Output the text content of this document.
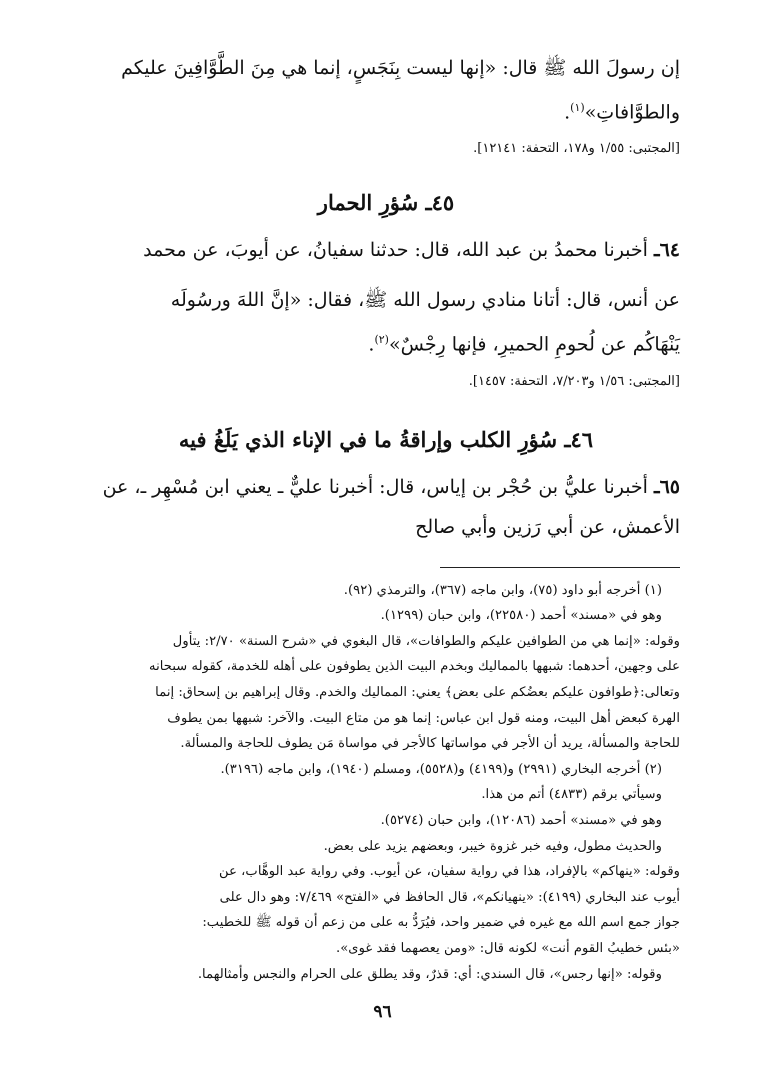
إن رسولَ الله ﷺ قال: «إنها ليست بِنَجَسٍ، إنما هي مِنَ الطَّوَّافِينَ عليكم

والطوَّافاتِ»$^{(١)}$.

[المجتبى: ١/٥٥ و١٧٨، التحفة: ١٢١٤١].

٤٥ـ سُؤرِ الحمار

٦٤ـ أخبرنا محمدُ بن عبد الله، قال: حدثنا سفيانُ، عن أيوبَ، عن محمد

عن أنس، قال: أتانا منادي رسول الله ﷺ، فقال: «إنَّ اللهَ ورسُولَه

يَنْهَاكُم عن لُحومِ الحميرِ، فإنها رِجْسٌ»$^{(٢)}$.

[المجتبى: ١/٥٦ و٧/٢٠٣، التحفة: ١٤٥٧].

٤٦ـ سُؤرِ الكلب وإراقةُ ما في الإناء الذي يَلَغُ فيه

٦٥ـ أخبرنا عليُّ بن حُجْر بن إياس، قال: أخبرنا عليٌّ ـ يعني ابن مُسْهِر ـ، عن

الأعمش، عن أبي رَزين وأبي صالح

(١) أخرجه أبو داود (٧٥)، وابن ماجه (٣٦٧)، والترمذي (٩٢).

وهو في «مسند» أحمد (٢٢٥٨٠)، وابن حبان (١٢٩٩).

وقوله: «إنما هي من الطوافين عليكم والطوافات»، قال البغوي في «شرح السنة» ٢/٧٠: يتأول

على وجهين، أحدهما: شبهها بالمماليك وبخدم البيت الذين يطوفون على أهله للخدمة، كقوله سبحانه

وتعالى:﴿طوافون عليكم بعضُكم على بعض﴾ يعني: المماليك والخدم. وقال إبراهيم بن إسحاق: إنما

الهرة كبعض أهل البيت، ومنه قول ابن عباس: إنما هو من متاع البيت. والآخر: شبهها بمن يطوف

للحاجة والمسألة، يريد أن الأجر في مواساتها كالأجر في مواساة مَن يطوف للحاجة والمسألة.

(٢) أخرجه البخاري (٢٩٩١) و(٤١٩٩) و(٥٥٢٨)، ومسلم (١٩٤٠)، وابن ماجه (٣١٩٦).

وسيأتي برقم (٤٨٣٣) أتم من هذا.

وهو في «مسند» أحمد (١٢٠٨٦)، وابن حبان (٥٢٧٤).

والحديث مطول، وفيه خبر غزوة خيبر، وبعضهم يزيد على بعض.

وقوله: «ينهاكم» بالإفراد، هذا في رواية سفيان، عن أيوب. وفي رواية عبد الوهَّاب، عن

أيوب عند البخاري (٤١٩٩): «ينهيانكم»، قال الحافظ في «الفتح» ٧/٤٦٩: وهو دال على

جواز جمع اسم الله مع غيره في ضمير واحد، فيُرَدُّ به على من زعم أن قوله ﷺ للخطيب:

«بئس خطيبُ القوم أنت» لكونه قال: «ومن يعصهما فقد غوى».

وقوله: «إنها رجس»، قال السندي: أي: قذرٌ، وقد يطلق على الحرام والنجس وأمثالهما.

٩٦
